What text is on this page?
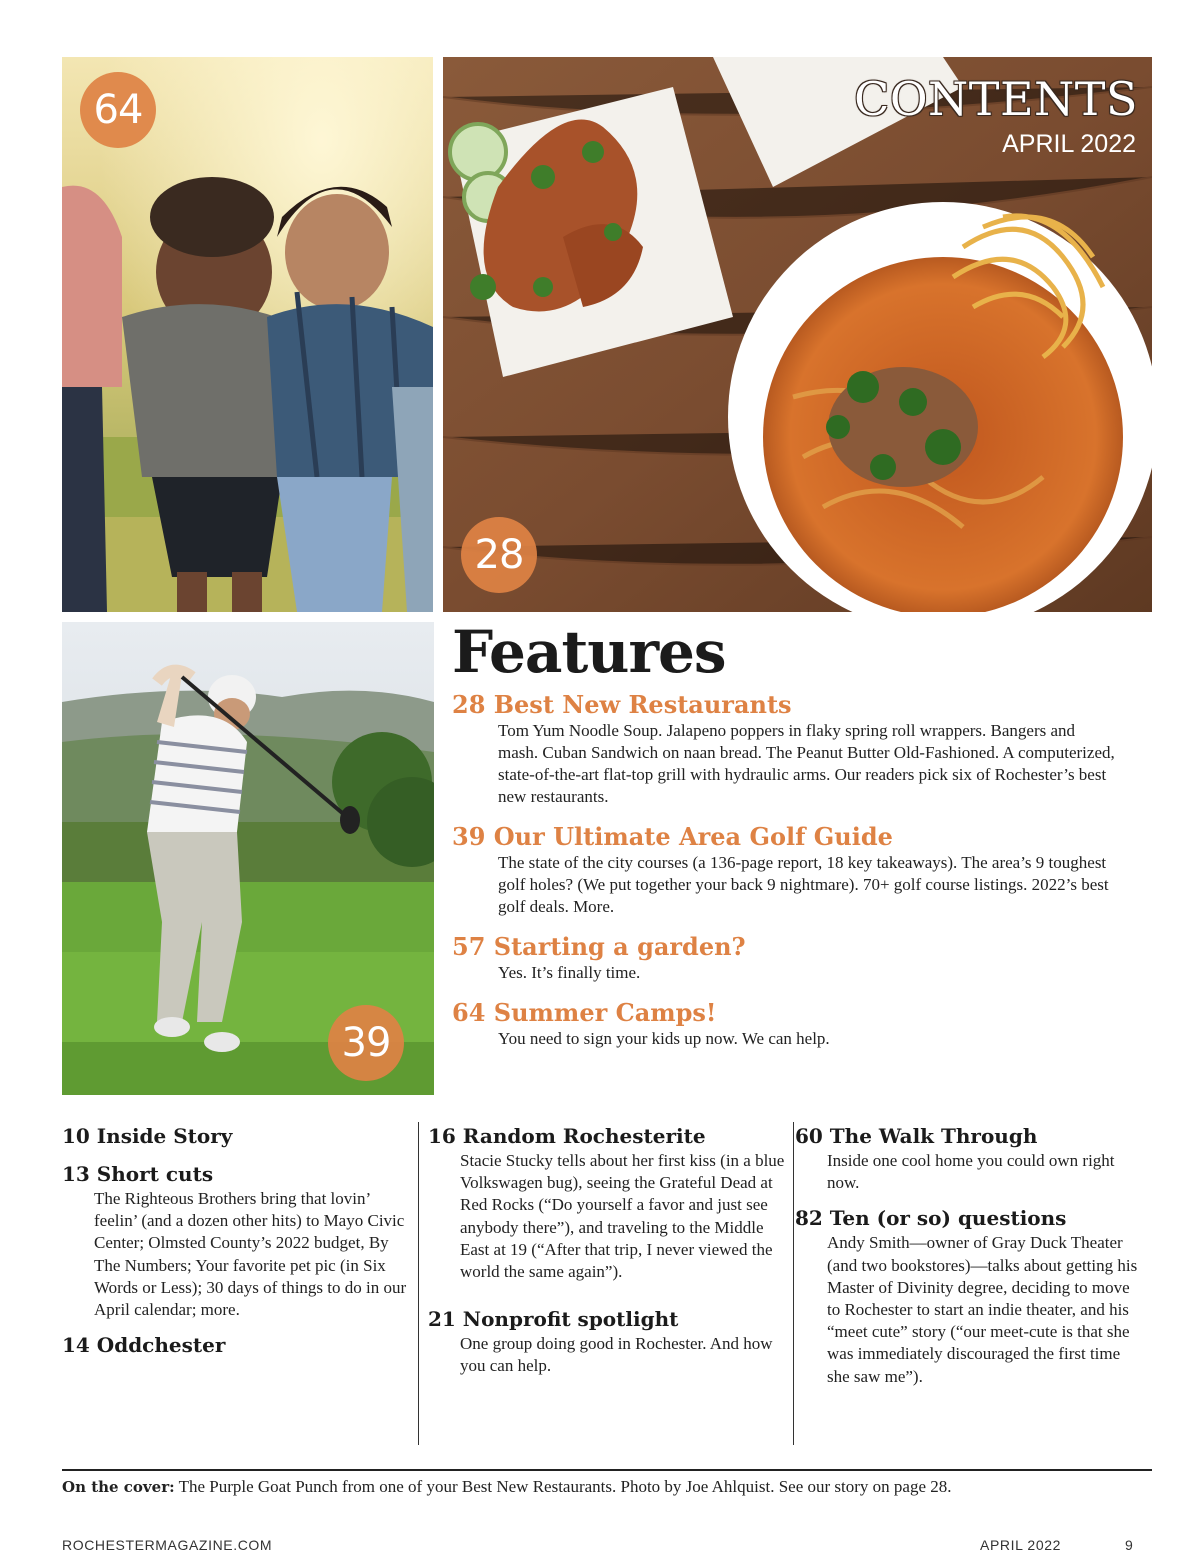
64	CONTENTS
APRIL 2022
28
39
Features
28 Best New Restaurants
Tom Yum Noodle Soup. Jalapeno poppers in flaky spring roll wrappers. Bangers and mash. Cuban Sandwich on naan bread. The Peanut Butter Old-Fashioned. A computerized, state-of-the-art flat-top grill with hydraulic arms. Our readers pick six of Rochester’s best new restaurants.
39 Our Ultimate Area Golf Guide
The state of the city courses (a 136-page report, 18 key takeaways). The area’s 9 toughest golf holes? (We put together your back 9 nightmare). 70+ golf course listings. 2022’s best golf deals. More.
57 Starting a garden?
Yes. It’s finally time.
64 Summer Camps!
You need to sign your kids up now. We can help.
10 Inside Story
13 Short cuts
The Righteous Brothers bring that lovin’ feelin’ (and a dozen other hits) to Mayo Civic Center; Olmsted County’s 2022 budget, By The Numbers; Your favorite pet pic (in Six Words or Less); 30 days of things to do in our April calendar; more.
14 Oddchester
16 Random Rochesterite
Stacie Stucky tells about her first kiss (in a blue Volkswagen bug), seeing the Grateful Dead at Red Rocks (“Do yourself a favor and just see anybody there”), and traveling to the Middle East at 19 (“After that trip, I never viewed the world the same again”).
21 Nonprofit spotlight
One group doing good in Rochester. And how you can help.
60 The Walk Through
Inside one cool home you could own right now.
82 Ten (or so) questions
Andy Smith—owner of Gray Duck Theater (and two bookstores)—talks about getting his Master of Divinity degree, deciding to move to Rochester to start an indie theater, and his “meet cute” story (“our meet-cute is that she was immediately discouraged the first time she saw me”).
On the cover: The Purple Goat Punch from one of your Best New Restaurants. Photo by Joe Ahlquist. See our story on page 28.
ROCHESTERMAGAZINE.COM	APRIL 2022	9
